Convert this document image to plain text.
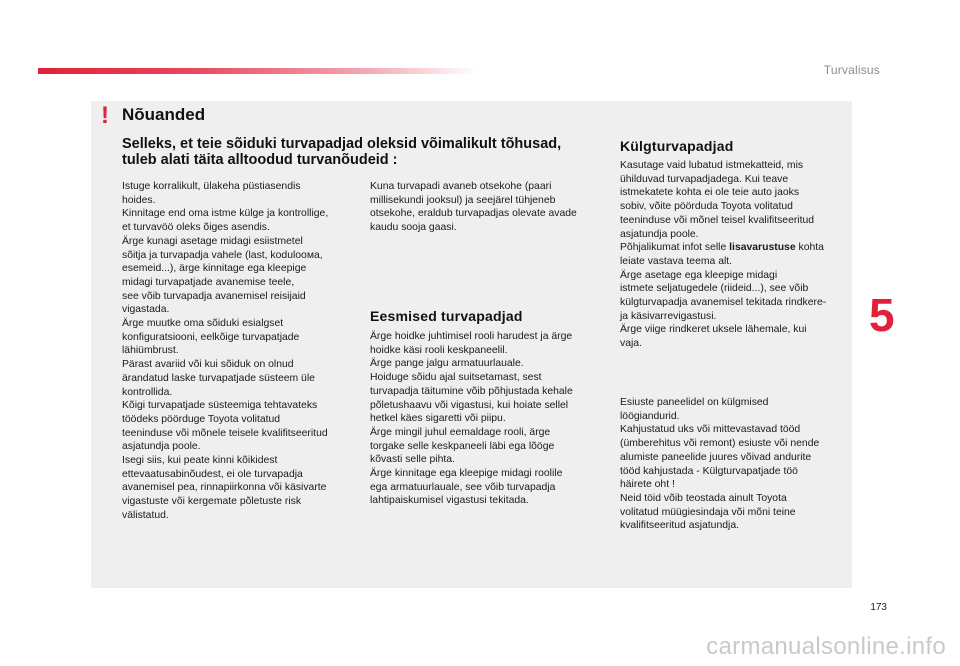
Turvalisus
! Nõuanded
Selleks, et teie sõiduki turvapadjad oleksid võimalikult tõhusad,
tuleb alati täita alltoodud turvanõudeid :
Istuge korralikult, ülakeha püstiasendis
hoides.
Kinnitage end oma istme külge ja kontrollige,
et turvavöö oleks õiges asendis.
Ärge kunagi asetage midagi esiistmetel
sõitja ja turvapadja vahele (last, koduloома,
esemeid...), ärge kinnitage ega kleepige
midagi turvapatjade avanemise teele,
see võib turvapadja avanemisel reisijaid
vigastada.
Ärge muutke oma sõiduki esialgset
konfiguratsiooni, eelkõige turvapatjade
lähiümbrust.
Pärast avariid või kui sõiduk on olnud
ärandatud laske turvapatjade süsteem üle
kontrollida.
Kõigi turvapatjade süsteemiga tehtavateks
töödeks pöörduge Toyota volitatud
teeninduse või mõnele teisele kvalifitseeritud
asjatundja poole.
Isegi siis, kui peate kinni kõikidest
ettevaatusabinõudest, ei ole turvapadja
avanemisel pea, rinnapiirkonna või käsivarte
vigastuste või kergemate põletuste risk
välistatud.
Kuna turvapadi avaneb otsekohe (paari
millisekundi jooksul) ja seejärel tühjeneb
otsekohe, eraldub turvapadjas olevate avade
kaudu sooja gaasi.
Eesmised turvapadjad
Ärge hoidke juhtimisel rooli harudest ja ärge
hoidke käsi rooli keskpaneelil.
Ärge pange jalgu armatuurlauale.
Hoiduge sõidu ajal suitsetamast, sest
turvapadja täitumine võib põhjustada kehale
põletushaavu või vigastusi, kui hoiate sellel
hetkel käes sigaretti või piipu.
Ärge mingil juhul eemaldage rooli, ärge
torgake selle keskpaneeli läbi ega lõöge
kõvasti selle pihta.
Ärge kinnitage ega kleepige midagi roolile
ega armatuurlauale, see võib turvapadja
lahtipaiskumisel vigastusi tekitada.
Külgturvapadjad
Kasutage vaid lubatud istmekatteid, mis
ühilduvad turvapadjadega. Kui teave
istmekatete kohta ei ole teie auto jaoks
sobiv, võite pöörduda Toyota volitatud
teeninduse või mõnel teisel kvalifitseeritud
asjatundja poole.
Põhjalikumat infot selle lisavarustuse kohta
leiate vastava teema alt.
Ärge asetage ega kleepige midagi
istmete seljatugedele (riideid...), see võib
külgturvapadja avanemisel tekitada rindkere-
ja käsivarrevigastusi.
Ärge viige rindkeret uksele lähemale, kui
vaja.
Esiuste paneelidel on külgmised
löögiandurid.
Kahjustatud uks või mittevastavad tööd
(ümberehitus või remont) esiuste või nende
alumiste paneelide juures võivad andurite
tööd kahjustada - Külgturvapatjade töö
häirete oht !
Neid töid võib teostada ainult Toyota
volitatud müügiesindaja või mõni teine
kvalifitseeritud asjatundja.
5
173
carmanualsonline.info
